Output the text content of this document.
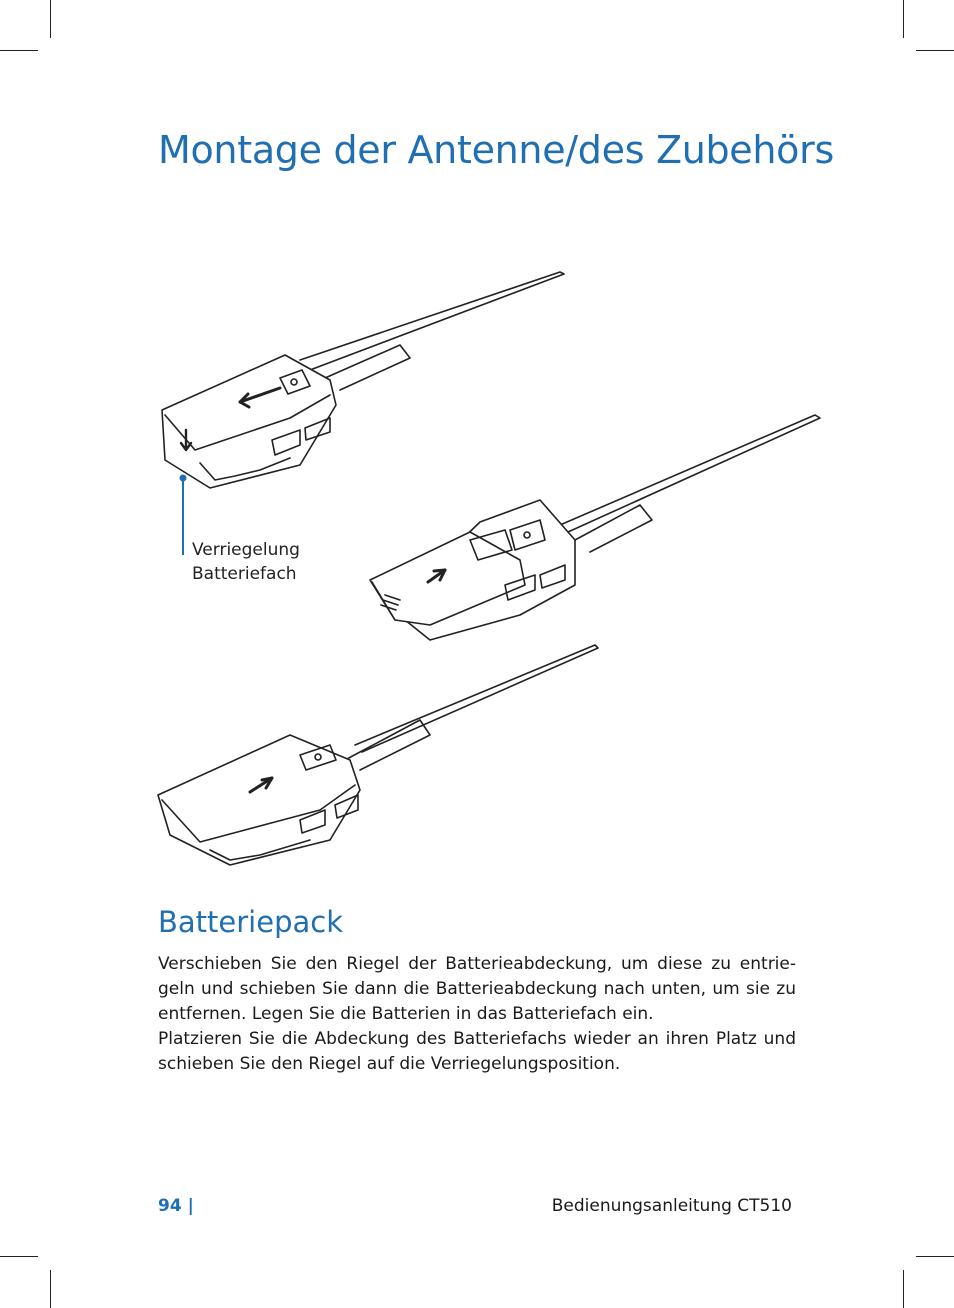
Montage der Antenne/des Zubehörs
Verriegelung
Batteriefach
Batteriepack

Verschieben Sie den Riegel der Batterieabdeckung, um diese zu entrie-geln und schieben Sie dann die Batterieabdeckung nach unten, um sie zu entfernen. Legen Sie die Batterien in das Batteriefach ein.

Platzieren Sie die Abdeckung des Batteriefachs wieder an ihren Platz und schieben Sie den Riegel auf die Verriegelungsposition.

94 |	Bedienungsanleitung CT510
